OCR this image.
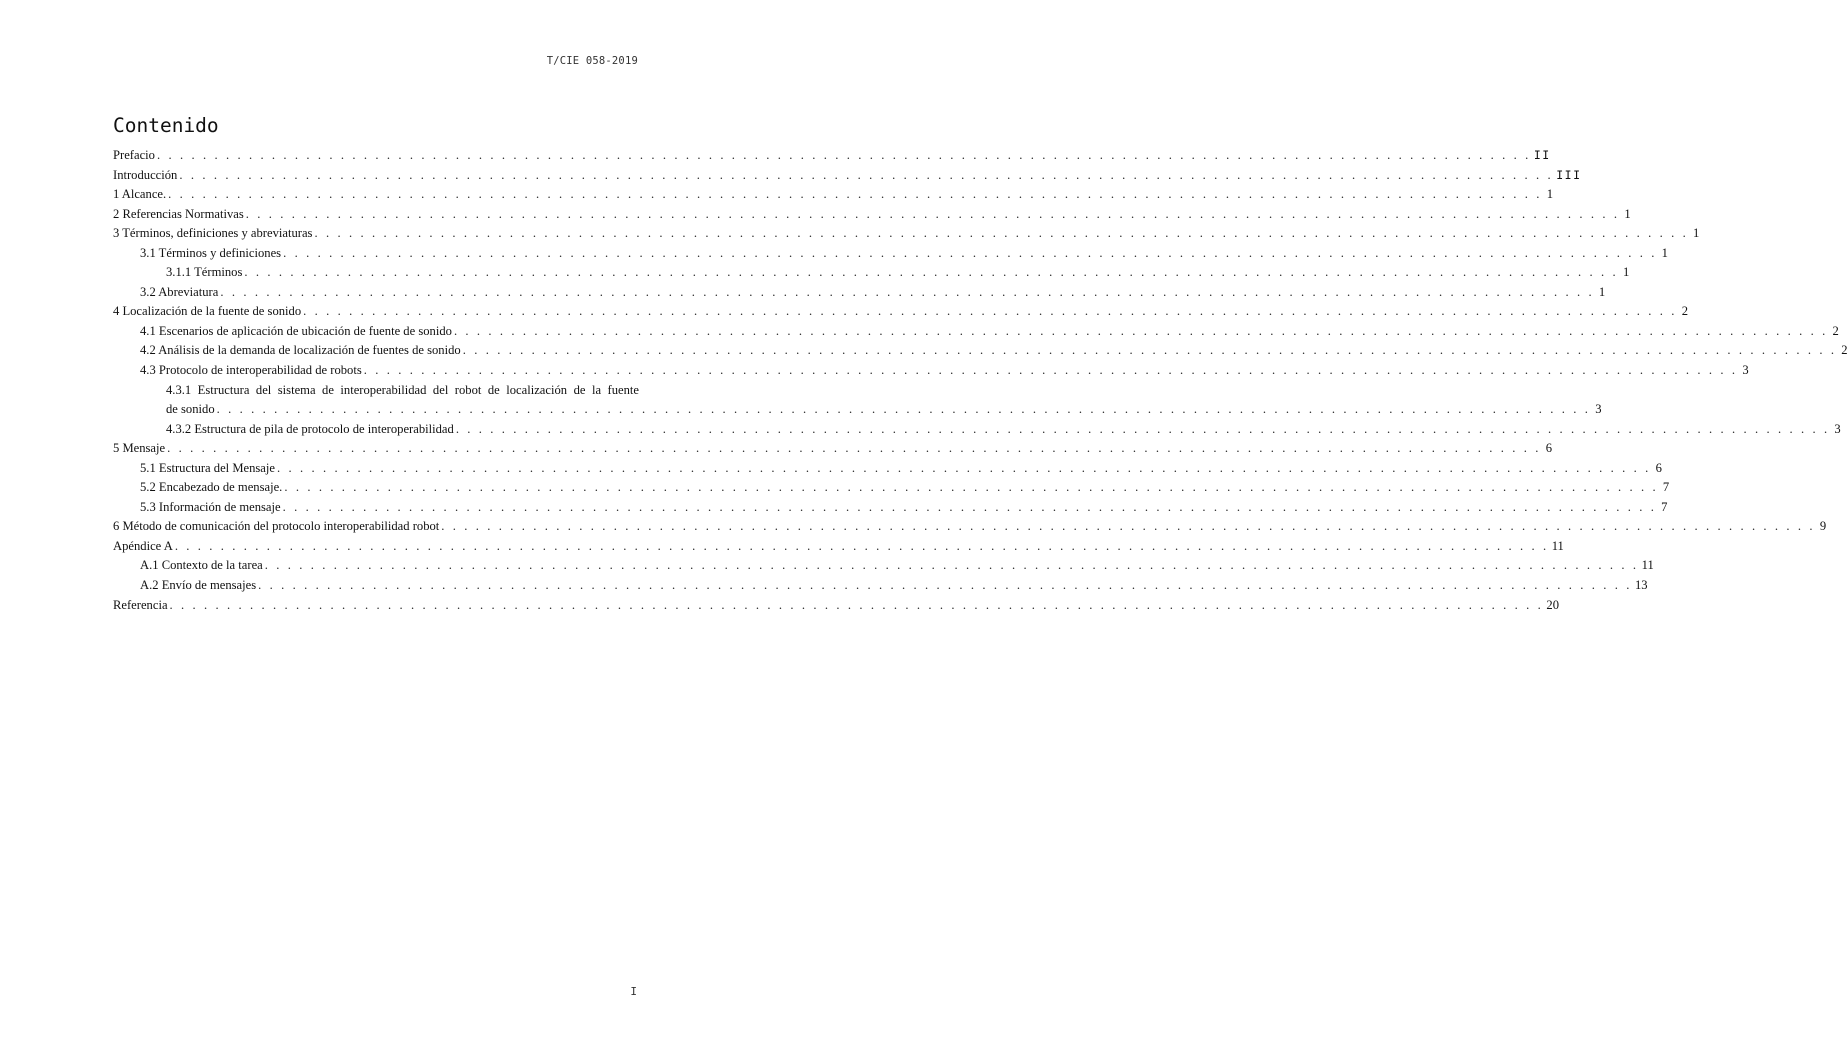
T/CIE 058-2019
Contenido
Prefacio . . . . . . . . . . . . . . . . . . . . . . . . . . . . . . . . . . . . . . . . . . . . . . . . . . . . . . . . . . . . . . . . . . . . . . . . . . . . . . . . . . . . . . . . . . . . . . . . . . . . . . . . . . . . . . . . . . . . . . . . II
Introducción . . . . . . . . . . . . . . . . . . . . . . . . . . . . . . . . . . . . . . . . . . . . . . . . . . . . . . . . . . . . . . . . . . . . . . . . . . . . . . . . . . . . . . . . . . . . . . . . . . . . . . . . . . . . . . . . . . . . . . . . III
1 Alcance. . . . . . . . . . . . . . . . . . . . . . . . . . . . . . . . . . . . . . . . . . . . . . . . . . . . . . . . . . . . . . . . . . . . . . . . . . . . . . . . . . . . . . . . . . . . . . . . . . . . . . . . . . . . . . . . . . . . . . . . . 1
2 Referencias Normativas . . . . . . . . . . . . . . . . . . . . . . . . . . . . . . . . . . . . . . . . . . . . . . . . . . . . . . . . . . . . . . . . . . . . . . . . . . . . . . . . . . . . . . . . . . . . . . . . . . . . . . . . . . . . . . . . . . . . . . . . 1
3 Términos, definiciones y abreviaturas . . . . . . . . . . . . . . . . . . . . . . . . . . . . . . . . . . . . . . . . . . . . . . . . . . . . . . . . . . . . . . . . . . . . . . . . . . . . . . . . . . . . . . . . . . . . . . . . . . . . . . . . . . . . . . . . . . . . . . . . 1
3.1 Términos y definiciones . . . . . . . . . . . . . . . . . . . . . . . . . . . . . . . . . . . . . . . . . . . . . . . . . . . . . . . . . . . . . . . . . . . . . . . . . . . . . . . . . . . . . . . . . . . . . . . . . . . . . . . . . . . . . . . . . . . . . . . . 1
3.1.1 Términos . . . . . . . . . . . . . . . . . . . . . . . . . . . . . . . . . . . . . . . . . . . . . . . . . . . . . . . . . . . . . . . . . . . . . . . . . . . . . . . . . . . . . . . . . . . . . . . . . . . . . . . . . . . . . . . . . . . . . . . . 1
3.2 Abreviatura . . . . . . . . . . . . . . . . . . . . . . . . . . . . . . . . . . . . . . . . . . . . . . . . . . . . . . . . . . . . . . . . . . . . . . . . . . . . . . . . . . . . . . . . . . . . . . . . . . . . . . . . . . . . . . . . . . . . . . . . 1
4 Localización de la fuente de sonido . . . . . . . . . . . . . . . . . . . . . . . . . . . . . . . . . . . . . . . . . . . . . . . . . . . . . . . . . . . . . . . . . . . . . . . . . . . . . . . . . . . . . . . . . . . . . . . . . . . . . . . . . . . . . . . . . . . . . . . . 2
4.1 Escenarios de aplicación de ubicación de fuente de sonido . . . . . . . . . . . . . . . . . . . . . . . . . . . . . . . . . . . . . . . . . . . . . . . . . . . . . . . . . . . . . . . . . . . . . . . . . . . . . . . . . . . . . . . . . . . . . . . . . . . . . . . . . . . . . . . . . . . . . . . . 2
4.2 Análisis de la demanda de localización de fuentes de sonido . . . . . . . . . . . . . . . . . . . . . . . . . . . . . . . . . . . . . . . . . . . . . . . . . . . . . . . . . . . . . . . . . . . . . . . . . . . . . . . . . . . . . . . . . . . . . . . . . . . . . . . . . . . . . . . . . . . . . . . . 2
4.3 Protocolo de interoperabilidad de robots . . . . . . . . . . . . . . . . . . . . . . . . . . . . . . . . . . . . . . . . . . . . . . . . . . . . . . . . . . . . . . . . . . . . . . . . . . . . . . . . . . . . . . . . . . . . . . . . . . . . . . . . . . . . . . . . . . . . . . . . 3
4.3.1 Estructura del sistema de interoperabilidad del robot de localización de la fuente
de sonido . . . . . . . . . . . . . . . . . . . . . . . . . . . . . . . . . . . . . . . . . . . . . . . . . . . . . . . . . . . . . . . . . . . . . . . . . . . . . . . . . . . . . . . . . . . . . . . . . . . . . . . . . . . . . . . . . . . . . . . . 3
4.3.2 Estructura de pila de protocolo de interoperabilidad . . . . . . . . . . . . . . . . . . . . . . . . . . . . . . . . . . . . . . . . . . . . . . . . . . . . . . . . . . . . . . . . . . . . . . . . . . . . . . . . . . . . . . . . . . . . . . . . . . . . . . . . . . . . . . . . . . . . . . . . 3
5 Mensaje . . . . . . . . . . . . . . . . . . . . . . . . . . . . . . . . . . . . . . . . . . . . . . . . . . . . . . . . . . . . . . . . . . . . . . . . . . . . . . . . . . . . . . . . . . . . . . . . . . . . . . . . . . . . . . . . . . . . . . . . 6
5.1 Estructura del Mensaje . . . . . . . . . . . . . . . . . . . . . . . . . . . . . . . . . . . . . . . . . . . . . . . . . . . . . . . . . . . . . . . . . . . . . . . . . . . . . . . . . . . . . . . . . . . . . . . . . . . . . . . . . . . . . . . . . . . . . . . . 6
5.2 Encabezado de mensaje. . . . . . . . . . . . . . . . . . . . . . . . . . . . . . . . . . . . . . . . . . . . . . . . . . . . . . . . . . . . . . . . . . . . . . . . . . . . . . . . . . . . . . . . . . . . . . . . . . . . . . . . . . . . . . . . . . . . . . . . . 7
5.3 Información de mensaje . . . . . . . . . . . . . . . . . . . . . . . . . . . . . . . . . . . . . . . . . . . . . . . . . . . . . . . . . . . . . . . . . . . . . . . . . . . . . . . . . . . . . . . . . . . . . . . . . . . . . . . . . . . . . . . . . . . . . . . . 7
6 Método de comunicación del protocolo interoperabilidad robot . . . . . . . . . . . . . . . . . . . . . . . . . . . . . . . . . . . . . . . . . . . . . . . . . . . . . . . . . . . . . . . . . . . . . . . . . . . . . . . . . . . . . . . . . . . . . . . . . . . . . . . . . . . . . . . . . . . . . . . . 9
Apéndice A . . . . . . . . . . . . . . . . . . . . . . . . . . . . . . . . . . . . . . . . . . . . . . . . . . . . . . . . . . . . . . . . . . . . . . . . . . . . . . . . . . . . . . . . . . . . . . . . . . . . . . . . . . . . . . . . . . . . . . . . 11
A.1 Contexto de la tarea . . . . . . . . . . . . . . . . . . . . . . . . . . . . . . . . . . . . . . . . . . . . . . . . . . . . . . . . . . . . . . . . . . . . . . . . . . . . . . . . . . . . . . . . . . . . . . . . . . . . . . . . . . . . . . . . . . . . . . . . 11
A.2 Envío de mensajes . . . . . . . . . . . . . . . . . . . . . . . . . . . . . . . . . . . . . . . . . . . . . . . . . . . . . . . . . . . . . . . . . . . . . . . . . . . . . . . . . . . . . . . . . . . . . . . . . . . . . . . . . . . . . . . . . . . . . . . . 13
Referencia . . . . . . . . . . . . . . . . . . . . . . . . . . . . . . . . . . . . . . . . . . . . . . . . . . . . . . . . . . . . . . . . . . . . . . . . . . . . . . . . . . . . . . . . . . . . . . . . . . . . . . . . . . . . . . . . . . . . . . . . 20
I
